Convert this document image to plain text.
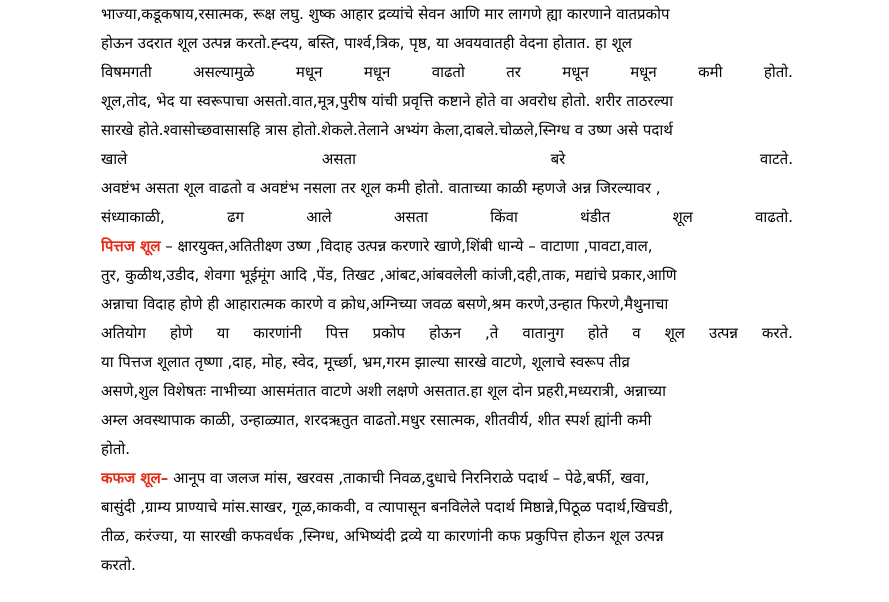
भाज्या,कडूकषाय,रसात्मक, रूक्ष लघु. शुष्क आहार द्रव्यांचे सेवन आणि मार लागणे ह्या कारणाने वातप्रकोप
होऊन उदरात शूल उत्पन्न करतो.ह्न्दय, बस्ति, पार्श्व,त्रिक, पृष्ठ, या अवयवातही वेदना होतात. हा शूल
विषमगती	असल्यामुळे	मधून	मधून	वाढतो	तर	मधून	मधून	कमी	होतो.
शूल,तोद, भेद या स्वरूपाचा असतो.वात,मूत्र,पुरीष यांची प्रवृत्ति कष्टाने होते वा अवरोध होतो. शरीर ताठरल्या
सारखे होते.श्वासोच्छवासासहि त्रास होतो.शेकले.तेलाने अभ्यंग केला,दाबले.चोळले,स्निग्ध व उष्ण असे पदार्थ
खाले	असता	बरे	वाटते.
अवष्टंभ असता शूल वाढतो व अवष्टंभ नसला तर शूल कमी होतो. वाताच्या काळी म्हणजे अन्न जिरल्यावर ,
संध्याकाळी,	ढग	आले	असता	किंवा	थंडीत	शूल	वाढतो.
पित्तज शूल – क्षारयुक्त,अतितीक्ष्ण उष्ण ,विदाह उत्पन्न करणारे खाणे,शिंबी धान्ये – वाटाणा ,पावटा,वाल,
तुर, कुळीथ,उडीद, शेवगा भूईमूंग आदि ,पेंड, तिखट ,आंबट,आंबवलेली कांजी,दही,ताक, मद्यांचे प्रकार,आणि
अन्नाचा विदाह होणे ही आहारात्मक कारणे व क्रोध,अग्निच्या जवळ बसणे,श्रम करणे,उन्हात फिरणे,मैथुनाचा
अतियोग होणे या कारणांनी पित्त प्रकोप होऊन ,ते वातानुग होते व शूल उत्पन्न करते.
या पित्तज शूलात तृष्णा ,दाह, मोह, स्वेद, मूर्च्छा, भ्रम,गरम झाल्या सारखे वाटणे, शूलाचे स्वरूप तीव्र
असणे,शुल विशेषतः नाभीच्या आसमंतात वाटणे अशी लक्षणे असतात.हा शूल दोन प्रहरी,मध्यरात्री, अन्नाच्या
अम्ल अवस्थापाक काळी, उन्हाळ्यात, शरदऋतुत वाढतो.मधुर रसात्मक, शीतवीर्य, शीत स्पर्श ह्यांनी कमी
होतो.
कफज शूल– आनूप वा जलज मांस, खरवस ,ताकाची निवळ,दुधाचे निरनिराळे पदार्थ – पेढे,बर्फी, खवा,
बासुंदी ,ग्राम्य प्राण्याचे मांस.साखर, गूळ,काकवी, व त्यापासून बनविलेले पदार्थ मिष्ठान्ने,पिठूळ पदार्थ,खिचडी,
तीळ, करंज्या, या सारखी कफवर्धक ,स्निग्ध, अभिष्यंदी द्रव्ये या कारणांनी कफ प्रकुपित्त होऊन शूल उत्पन्न
करतो.
